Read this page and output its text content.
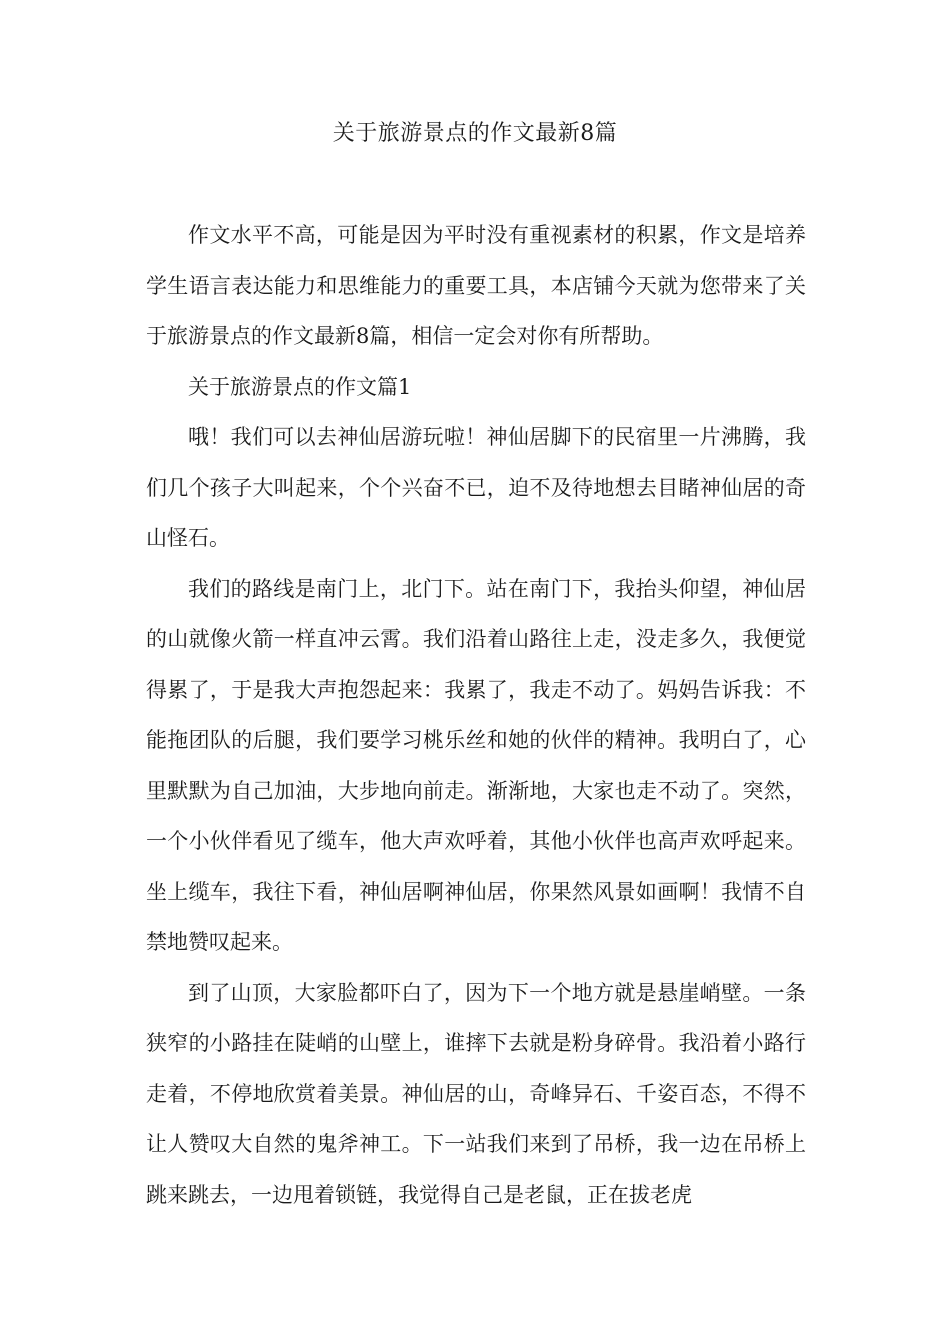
关于旅游景点的作文最新8篇

作文水平不高，可能是因为平时没有重视素材的积累，作文是培养学生语言表达能力和思维能力的重要工具，本店铺今天就为您带来了关于旅游景点的作文最新8篇，相信一定会对你有所帮助。

关于旅游景点的作文篇1

哦！我们可以去神仙居游玩啦！神仙居脚下的民宿里一片沸腾，我们几个孩子大叫起来，个个兴奋不已，迫不及待地想去目睹神仙居的奇山怪石。

我们的路线是南门上，北门下。站在南门下，我抬头仰望，神仙居的山就像火箭一样直冲云霄。我们沿着山路往上走，没走多久，我便觉得累了，于是我大声抱怨起来：我累了，我走不动了。妈妈告诉我：不能拖团队的后腿，我们要学习桃乐丝和她的伙伴的精神。我明白了，心里默默为自己加油，大步地向前走。渐渐地，大家也走不动了。突然，一个小伙伴看见了缆车，他大声欢呼着，其他小伙伴也高声欢呼起来。坐上缆车，我往下看，神仙居啊神仙居，你果然风景如画啊！我情不自禁地赞叹起来。

到了山顶，大家脸都吓白了，因为下一个地方就是悬崖峭壁。一条狭窄的小路挂在陡峭的山壁上，谁摔下去就是粉身碎骨。我沿着小路行走着，不停地欣赏着美景。神仙居的山，奇峰异石、千姿百态，不得不让人赞叹大自然的鬼斧神工。下一站我们来到了吊桥，我一边在吊桥上跳来跳去，一边甩着锁链，我觉得自己是老鼠，正在拔老虎
